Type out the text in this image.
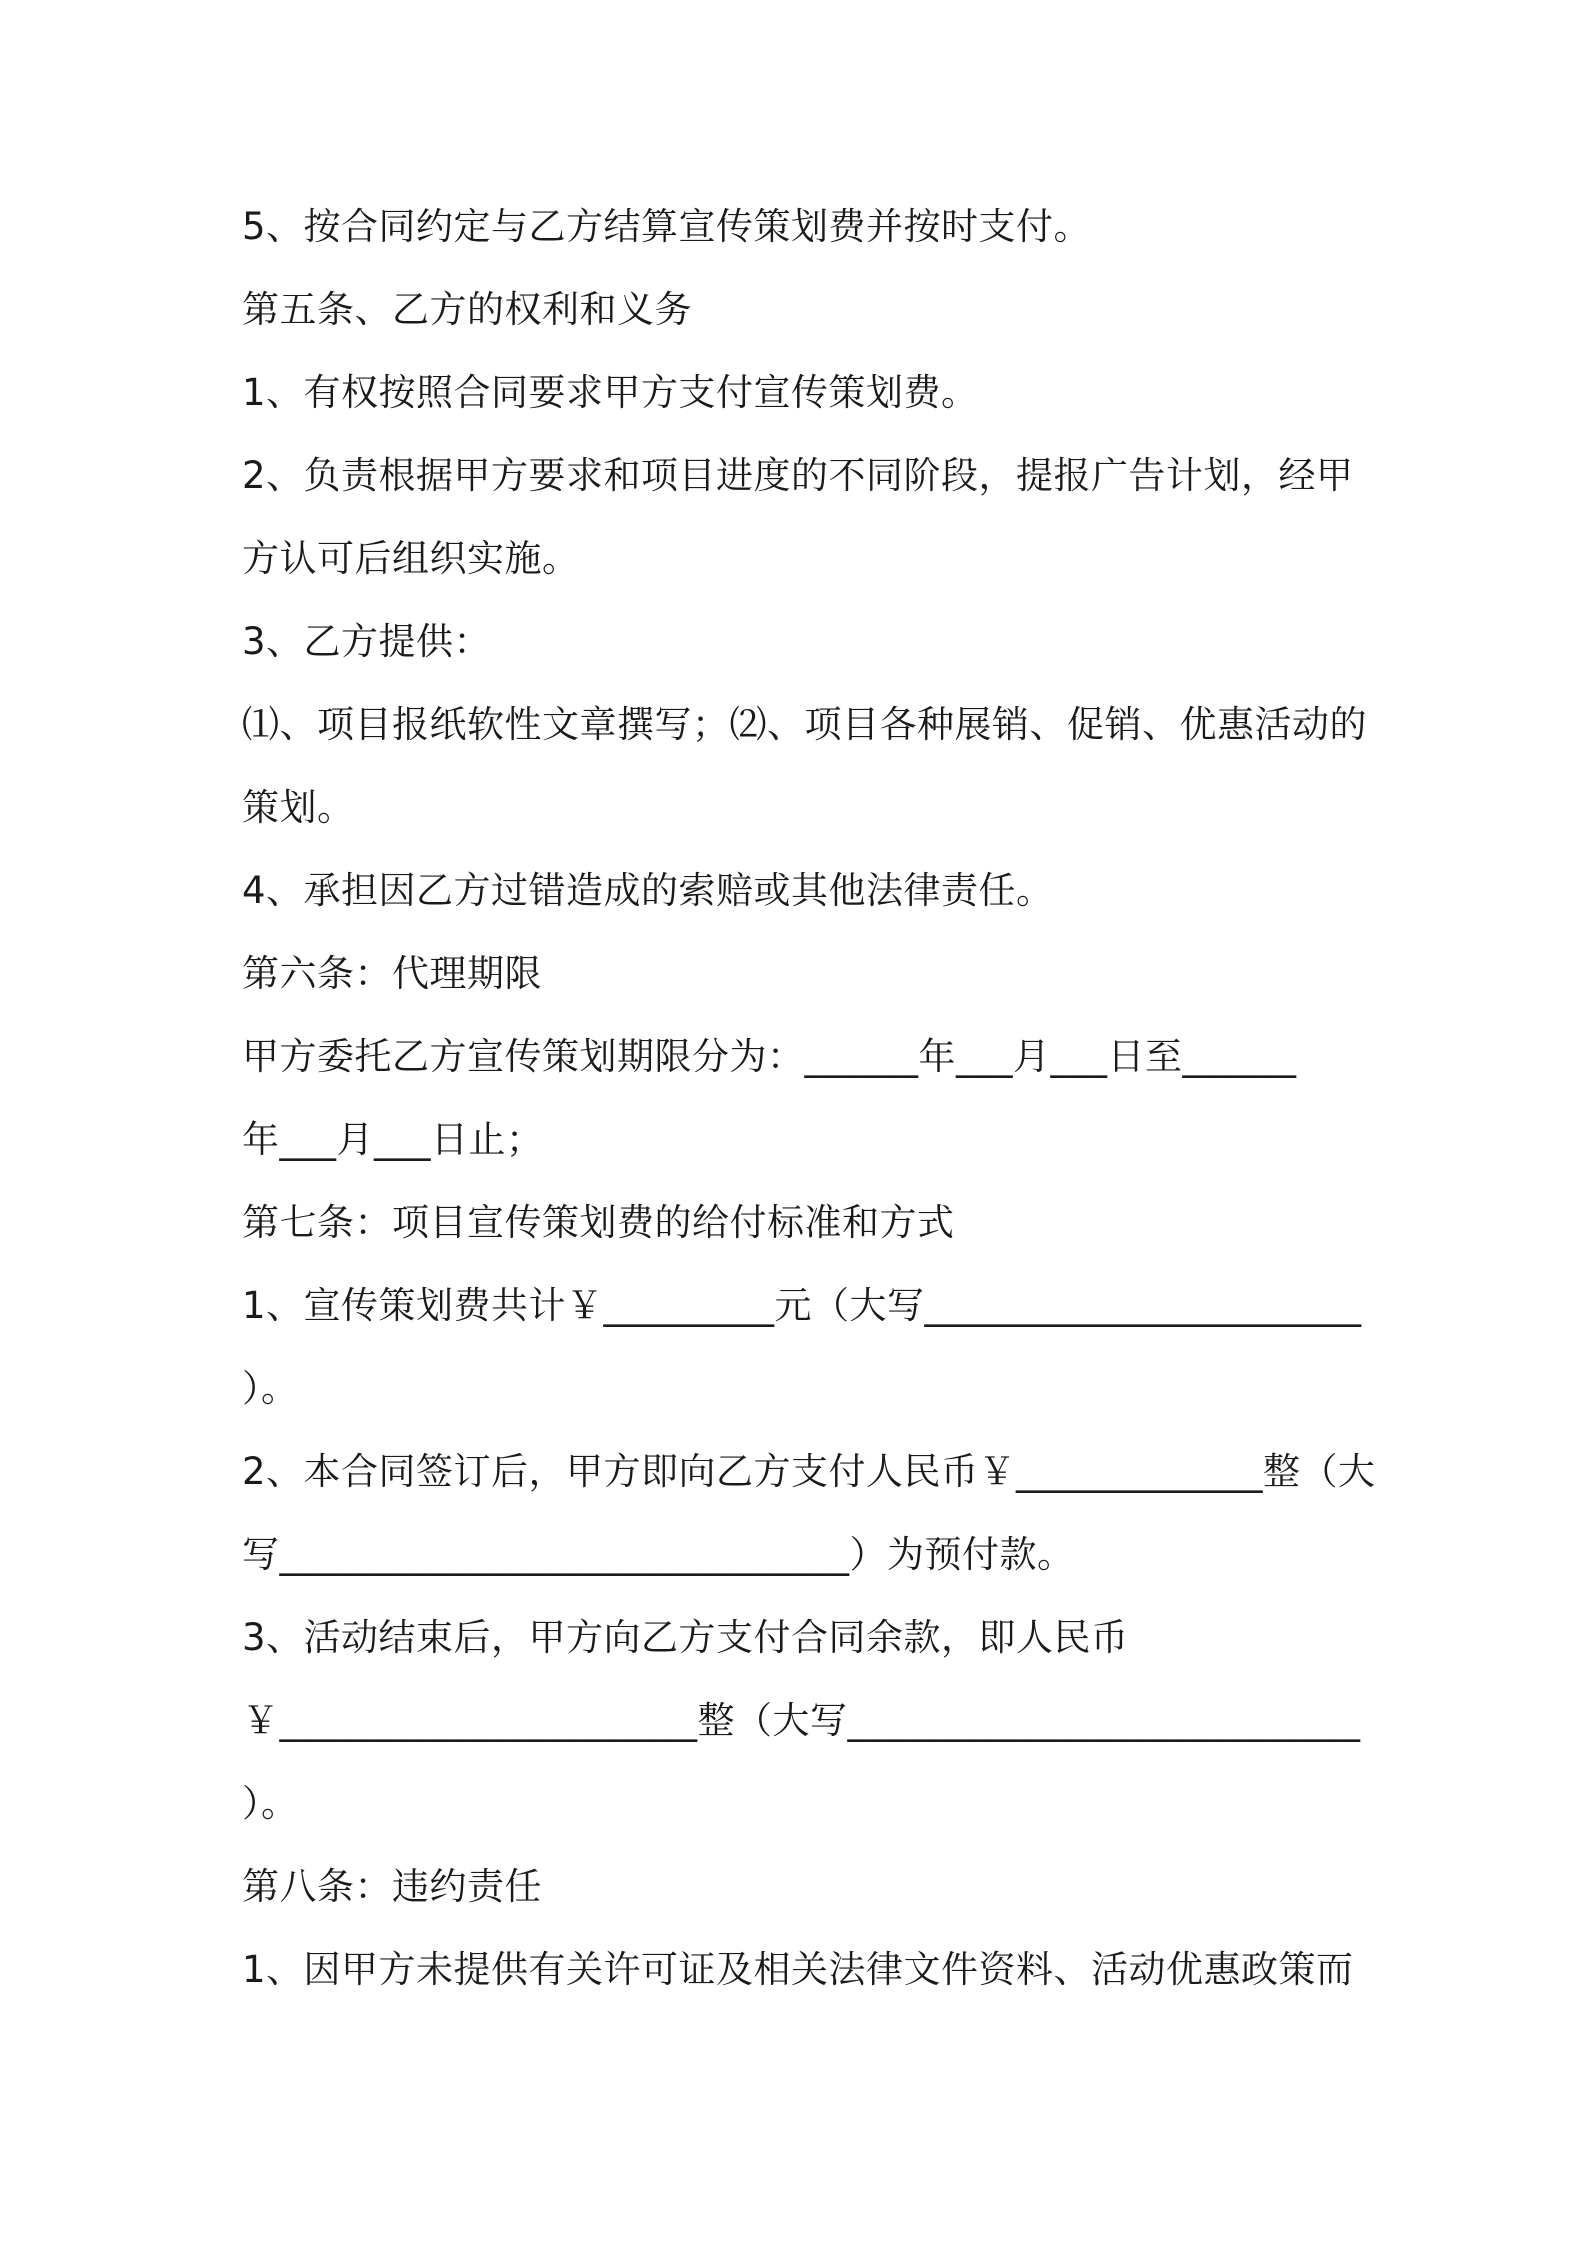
5、按合同约定与乙方结算宣传策划费并按时支付。
第五条、乙方的权利和义务
1、有权按照合同要求甲方支付宣传策划费。
2、负责根据甲方要求和项目进度的不同阶段，提报广告计划，经甲
方认可后组织实施。
3、乙方提供：
⑴、项目报纸软性文章撰写；⑵、项目各种展销、促销、优惠活动的
策划。
4、承担因乙方过错造成的索赔或其他法律责任。
第六条：代理期限
甲方委托乙方宣传策划期限分为：______年___月___日至______
年___月___日止；
第七条：项目宣传策划费的给付标准和方式
1、宣传策划费共计￥_________元（大写_______________________
）。
2、本合同签订后，甲方即向乙方支付人民币￥_____________整（大
写______________________________）为预付款。
3、活动结束后，甲方向乙方支付合同余款，即人民币
￥______________________整（大写___________________________
）。
第八条：违约责任
1、因甲方未提供有关许可证及相关法律文件资料、活动优惠政策而
